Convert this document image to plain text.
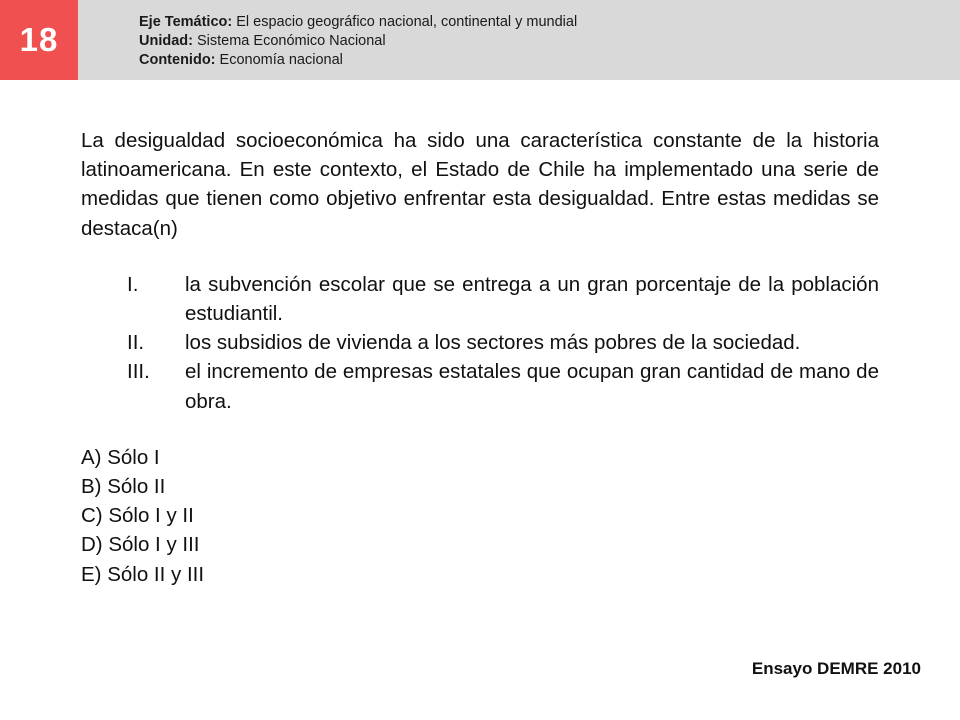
18	Eje Temático: El espacio geográfico nacional, continental y mundial
Unidad: Sistema Económico Nacional
Contenido: Economía nacional

La desigualdad socioeconómica ha sido una característica constante de la historia latinoamericana. En este contexto, el Estado de Chile ha implementado una serie de medidas que tienen como objetivo enfrentar esta desigualdad. Entre estas medidas se destaca(n)

I.	la subvención escolar que se entrega a un gran porcentaje de la población estudiantil.
II.	los subsidios de vivienda a los sectores más pobres de la sociedad.
III.	el incremento de empresas estatales que ocupan gran cantidad de mano de obra.
A) Sólo I
B) Sólo II
C) Sólo I y II
D) Sólo I y III
E) Sólo II y III
Ensayo DEMRE 2010
